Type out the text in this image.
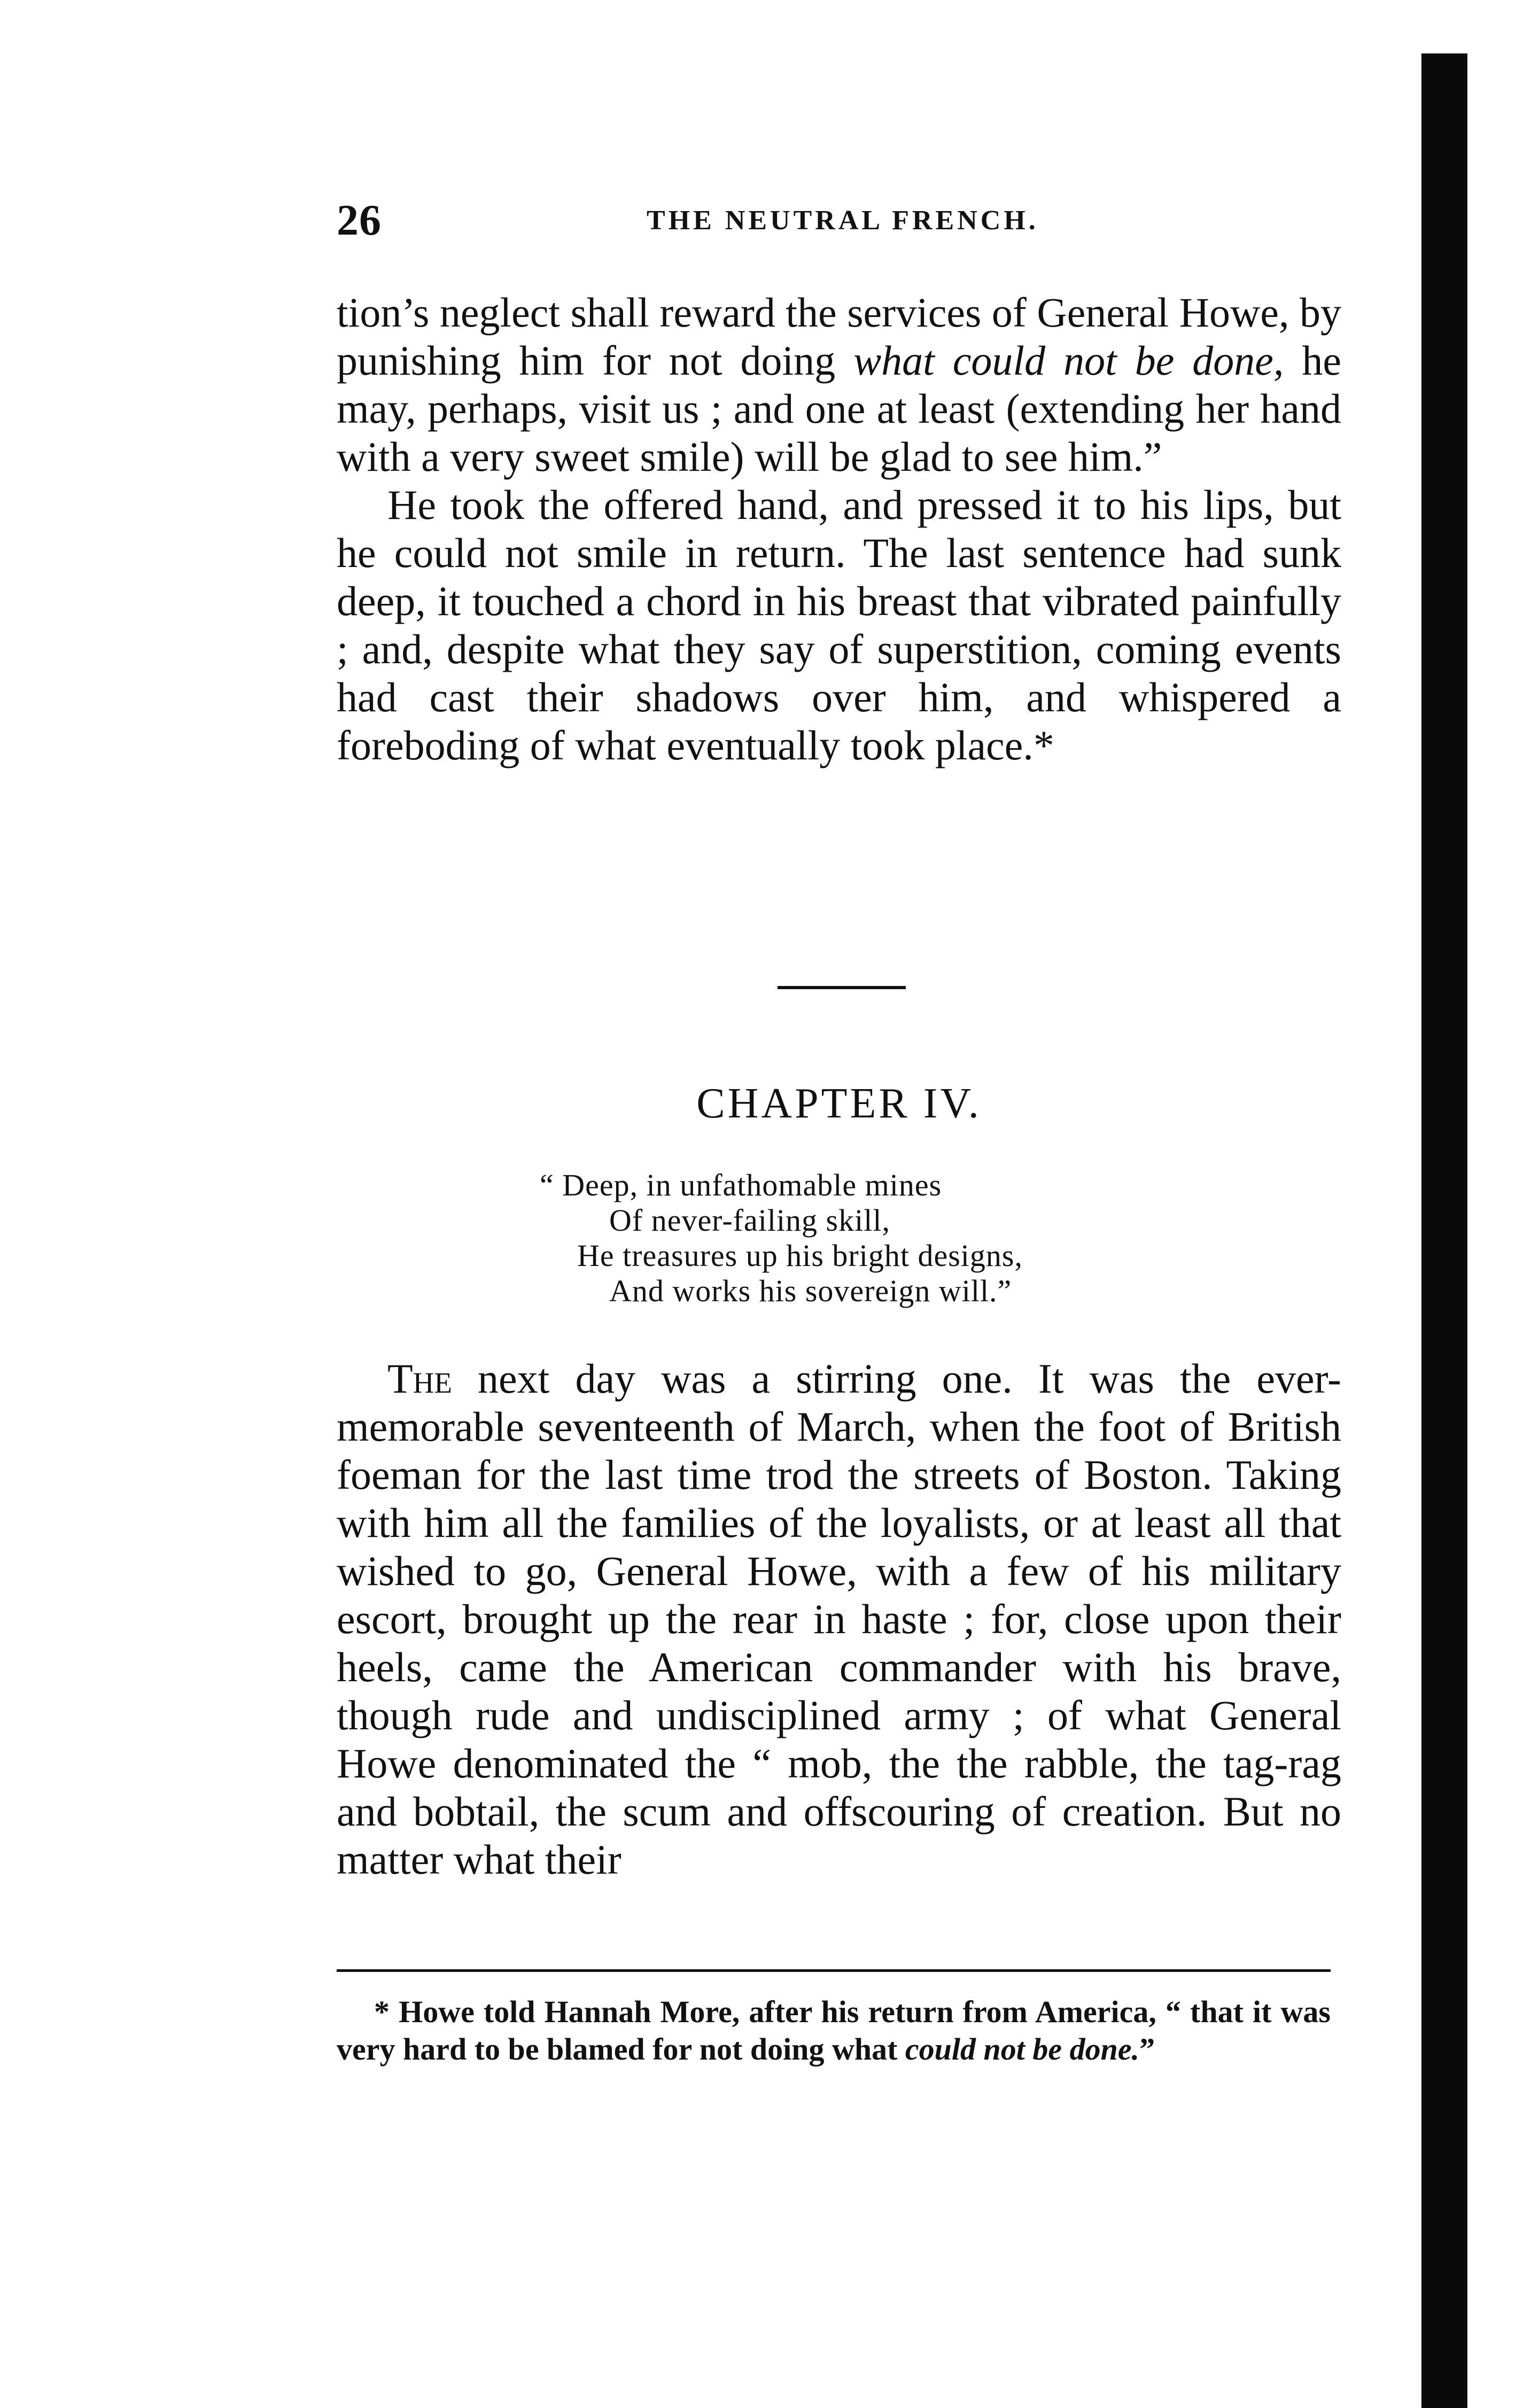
26	THE NEUTRAL FRENCH.

tion’s neglect shall reward the services of General Howe, by punishing him for not doing what could not be done, he may, perhaps, visit us ; and one at least (extending her hand with a very sweet smile) will be glad to see him.”

He took the offered hand, and pressed it to his lips, but he could not smile in return. The last sentence had sunk deep, it touched a chord in his breast that vibrated painfully ; and, despite what they say of superstition, coming events had cast their shadows over him, and whispered a foreboding of what eventually took place.*

CHAPTER IV.
“ Deep, in unfathomable mines
Of never-failing skill,
He treasures up his bright designs,
And works his sovereign will.”

The next day was a stirring one. It was the ever-memorable seventeenth of March, when the foot of British foeman for the last time trod the streets of Boston. Taking with him all the families of the loyalists, or at least all that wished to go, General Howe, with a few of his military escort, brought up the rear in haste ; for, close upon their heels, came the American commander with his brave, though rude and undisciplined army ; of what General Howe denominated the “ mob, the the rabble, the tag-rag and bobtail, the scum and offscouring of creation. But no matter what their

* Howe told Hannah More, after his return from America, “ that it was very hard to be blamed for not doing what could not be done.”
